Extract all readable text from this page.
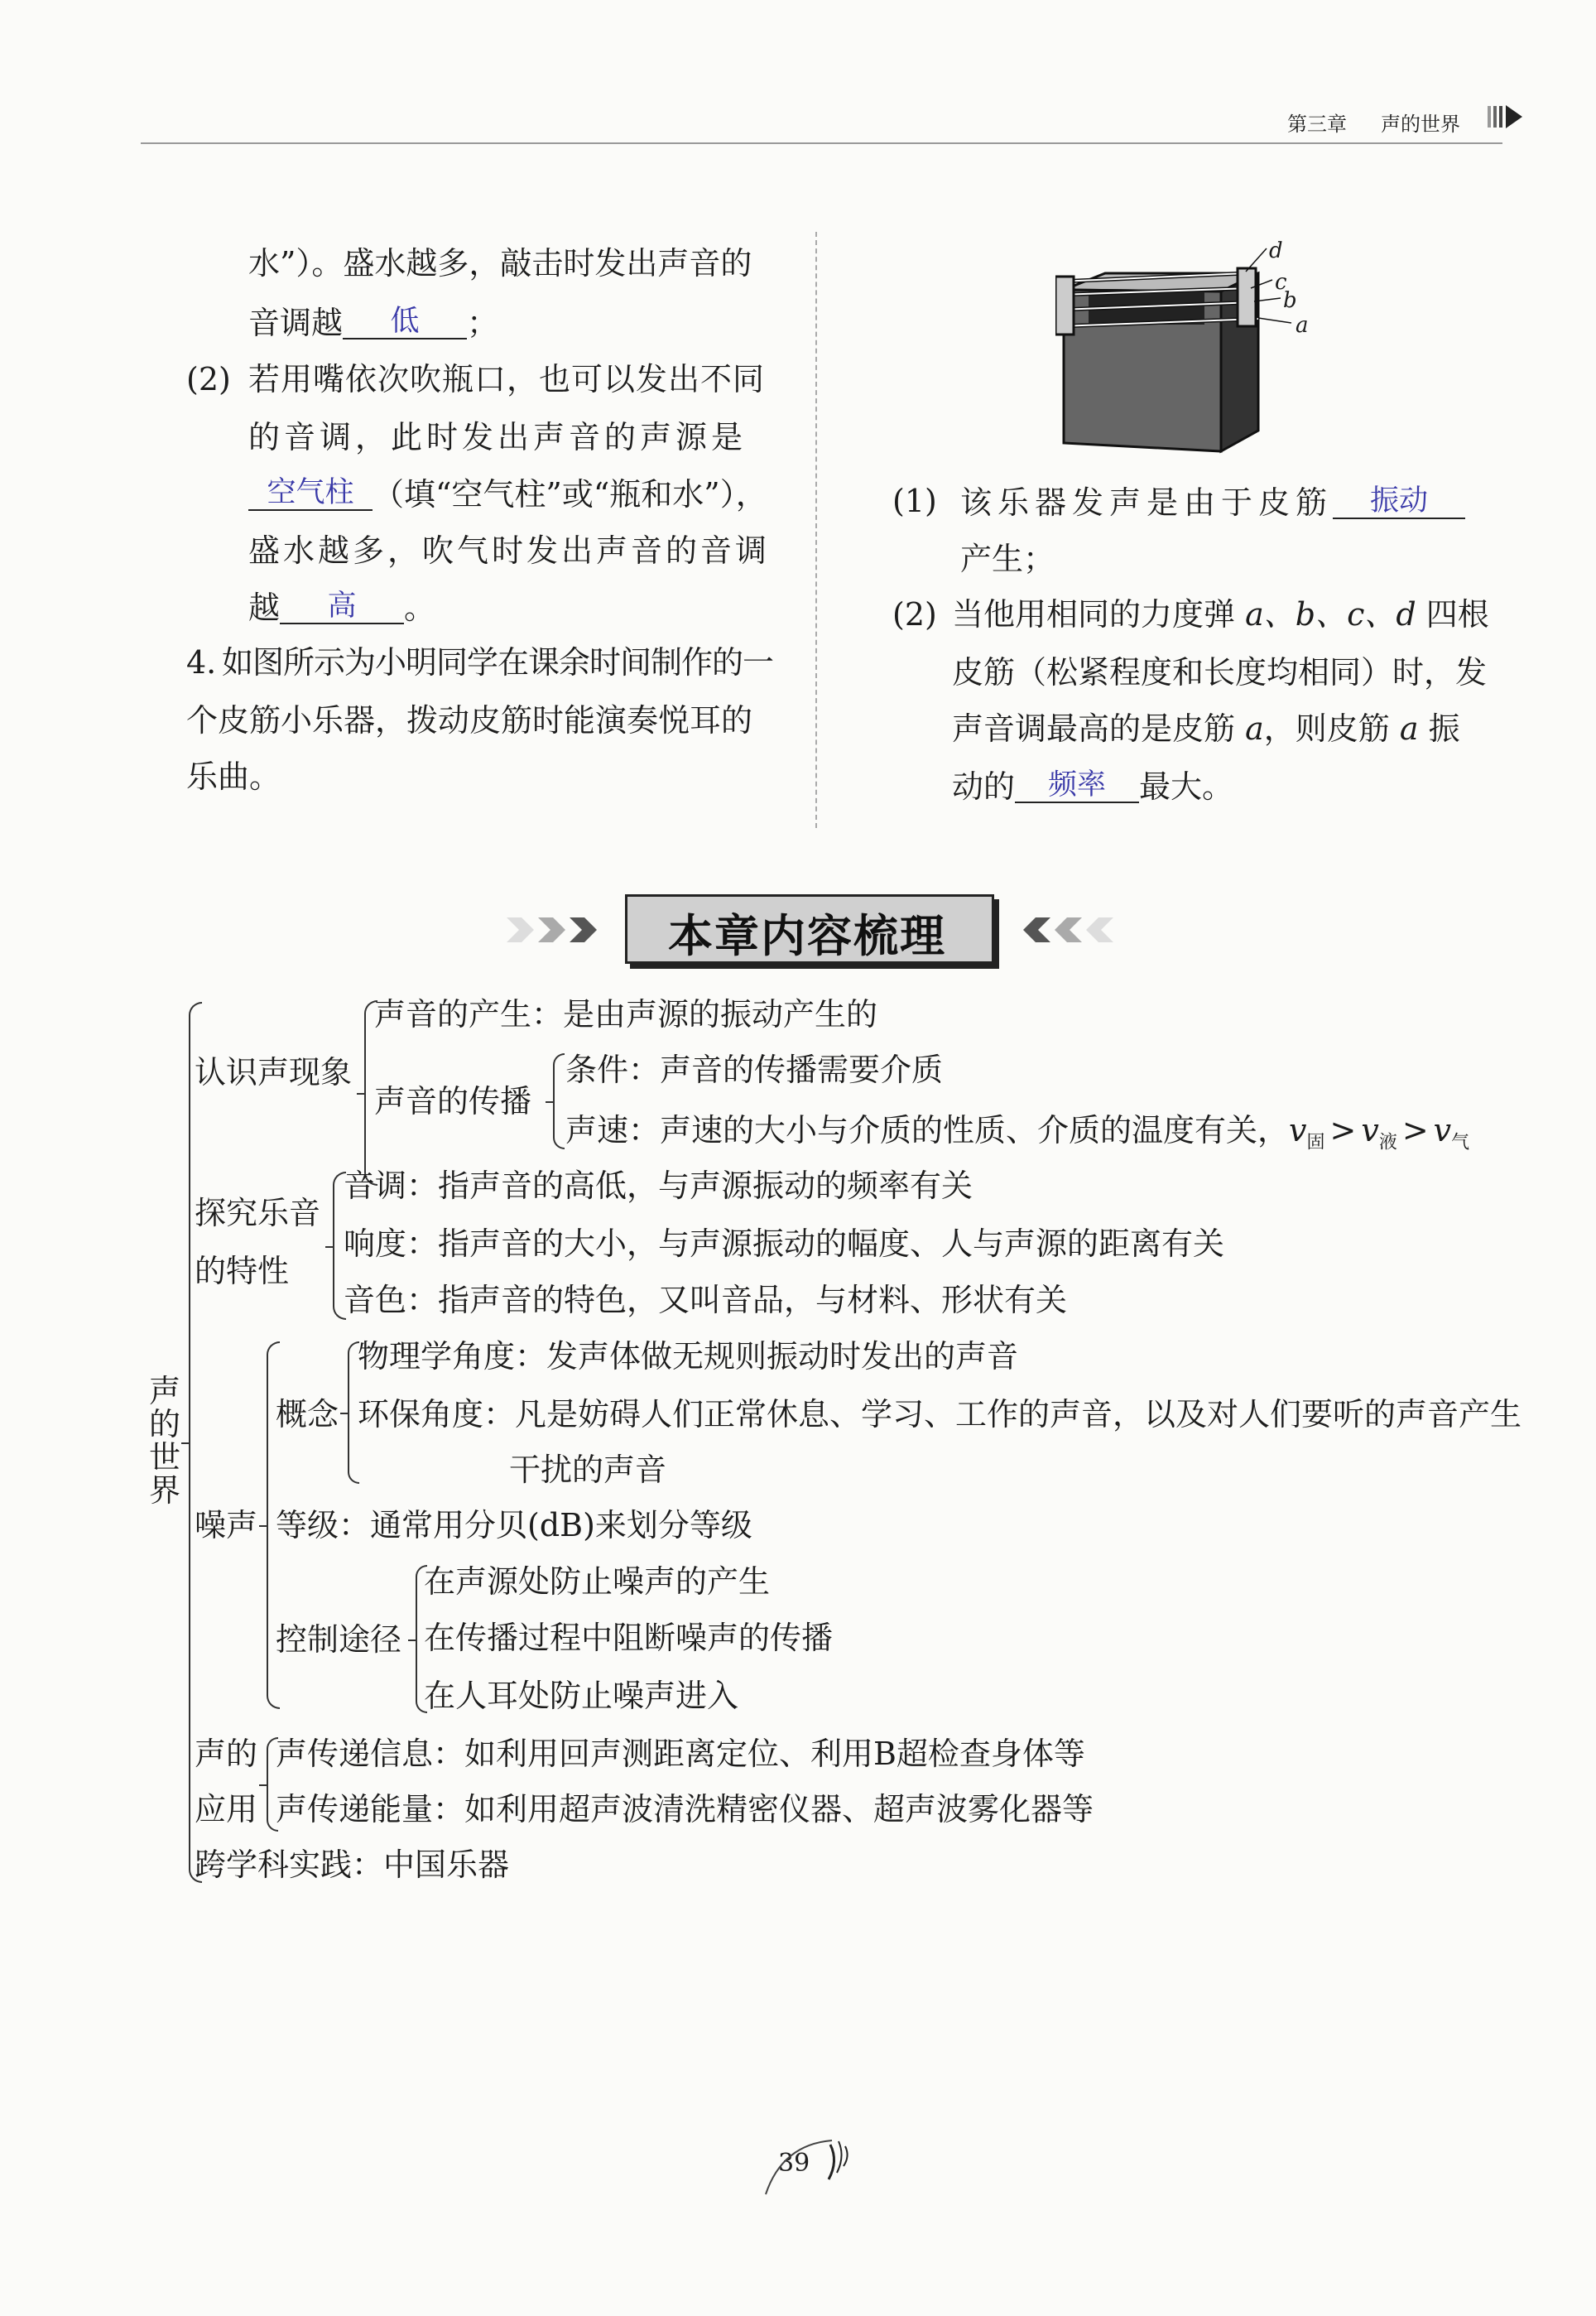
第三章 声的世界
水”）。盛水越多，敲击时发出声音的
音调越 低 ；
(2) 若用嘴依次吹瓶口，也可以发出不同
的音调，此时发出声音的声源是
空气柱 （填“空气柱”或“瓶和水”），
盛水越多，吹气时发出声音的音调
越 高 。
4. 如图所示为小明同学在课余时间制作的一
个皮筋小乐器，拨动皮筋时能演奏悦耳的
乐曲。
d
c
b
a
(1) 该乐器发声是由于皮筋 振动
产生；
(2) 当他用相同的力度弹 a、b、c、d 四根
皮筋（松紧程度和长度均相同）时，发
声音调最高的是皮筋 a，则皮筋 a 振
动的 频率 最大。
本章内容梳理
声的世界
认识声现象
声音的产生：是由声源的振动产生的
声音的传播
条件：声音的传播需要介质
声速：声速的大小与介质的性质、介质的温度有关，$v_固 > v_液 > v_气$
探究乐音
的特性
音调：指声音的高低，与声源振动的频率有关
响度：指声音的大小，与声源振动的幅度、人与声源的距离有关
音色：指声音的特色，又叫音品，与材料、形状有关
噪声
概念
物理学角度：发声体做无规则振动时发出的声音
环保角度：凡是妨碍人们正常休息、学习、工作的声音，以及对人们要听的声音产生
干扰的声音
等级：通常用分贝(dB)来划分等级
控制途径
在声源处防止噪声的产生
在传播过程中阻断噪声的传播
在人耳处防止噪声进入
声的
应用
声传递信息：如利用回声测距离定位、利用B超检查身体等
声传递能量：如利用超声波清洗精密仪器、超声波雾化器等
跨学科实践：中国乐器
39
